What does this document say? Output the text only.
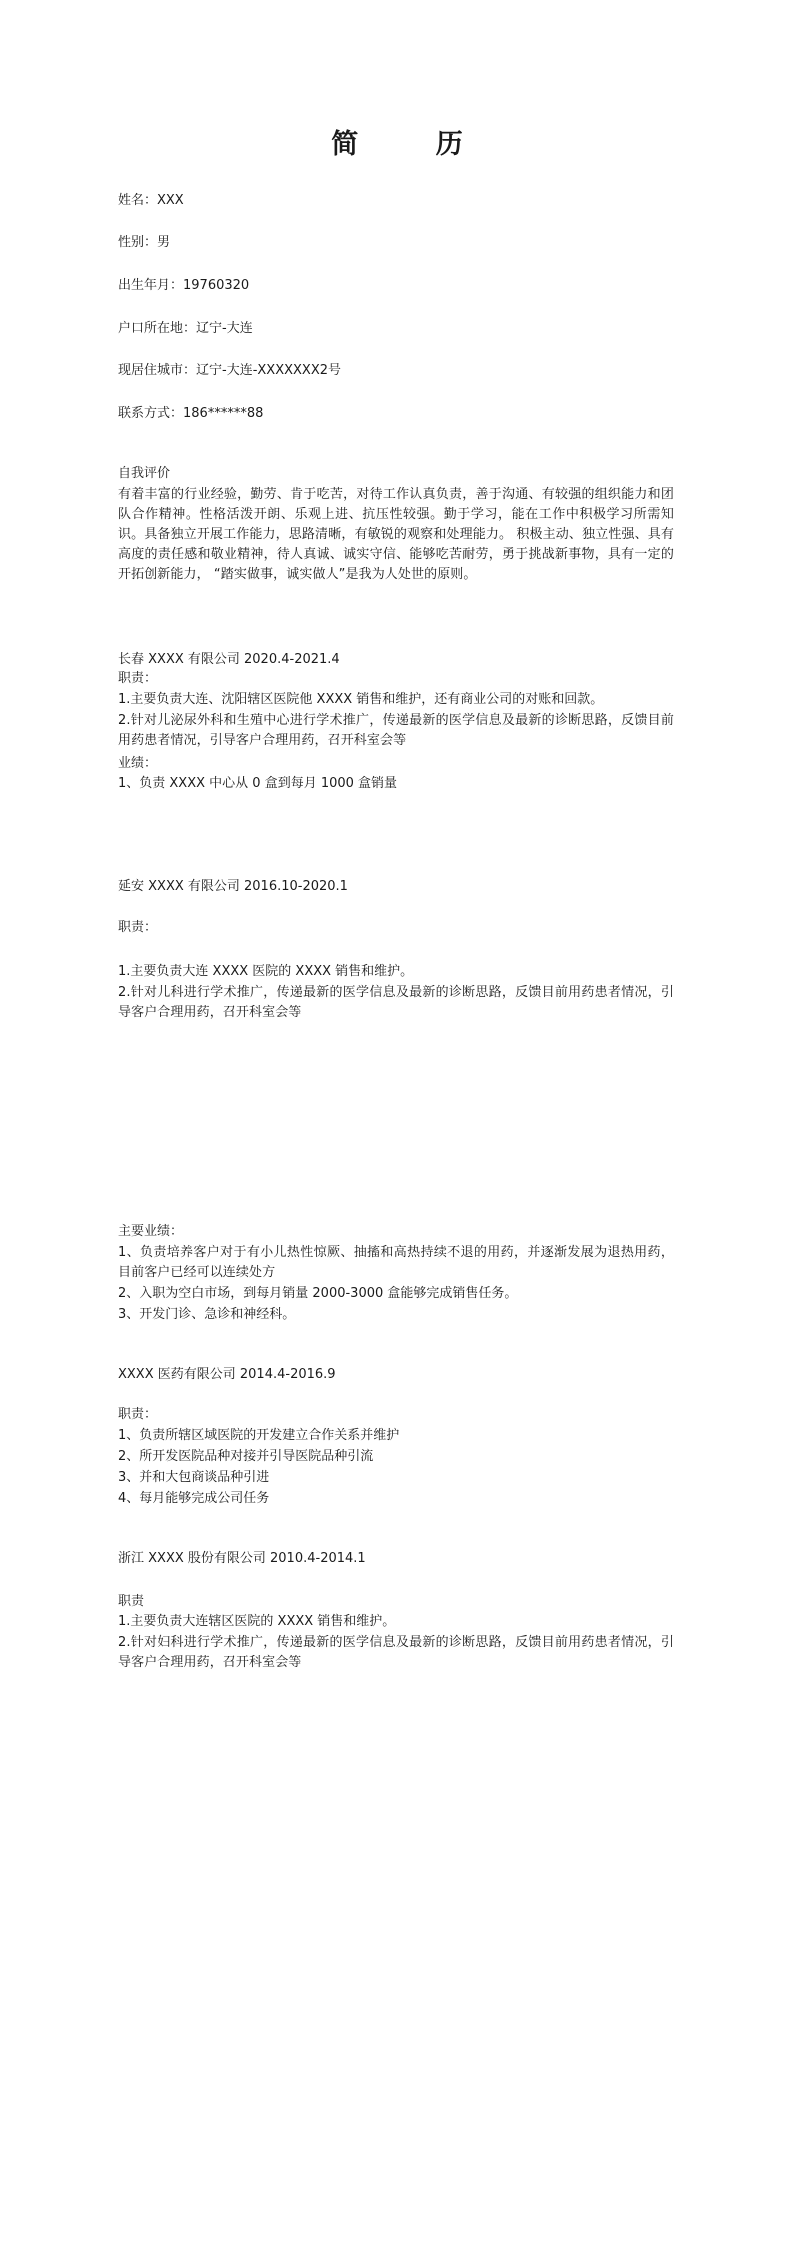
简 历

姓名：XXX

性别：男

出生年月：19760320

户口所在地：辽宁-大连

现居住城市：辽宁-大连-XXXXXXX2号

联系方式：186******88

自我评价

有着丰富的行业经验，勤劳、肯于吃苦，对待工作认真负责，善于沟通、有较强的组织能力和团队合作精神。性格活泼开朗、乐观上进、抗压性较强。勤于学习，能在工作中积极学习所需知识。具备独立开展工作能力，思路清晰，有敏锐的观察和处理能力。 积极主动、独立性强、具有高度的责任感和敬业精神，待人真诚、诚实守信、能够吃苦耐劳，勇于挑战新事物，具有一定的开拓创新能力， “踏实做事，诚实做人”是我为人处世的原则。

长春 XXXX 有限公司 2020.4-2021.4

职责：

1.主要负责大连、沈阳辖区医院他 XXXX 销售和维护，还有商业公司的对账和回款。

2.针对儿泌尿外科和生殖中心进行学术推广，传递最新的医学信息及最新的诊断思路，反馈目前用药患者情况，引导客户合理用药，召开科室会等

业绩：

1、负责 XXXX 中心从 0 盒到每月 1000 盒销量

延安 XXXX 有限公司 2016.10-2020.1

职责：

1.主要负责大连 XXXX 医院的 XXXX 销售和维护。

2.针对儿科进行学术推广，传递最新的医学信息及最新的诊断思路，反馈目前用药患者情况，引导客户合理用药，召开科室会等

主要业绩：

1、负责培养客户对于有小儿热性惊厥、抽搐和高热持续不退的用药，并逐渐发展为退热用药，目前客户已经可以连续处方

2、入职为空白市场，到每月销量 2000-3000 盒能够完成销售任务。

3、开发门诊、急诊和神经科。

XXXX 医药有限公司 2014.4-2016.9

职责：

1、负责所辖区域医院的开发建立合作关系并维护

2、所开发医院品种对接并引导医院品种引流

3、并和大包商谈品种引进

4、每月能够完成公司任务

浙江 XXXX 股份有限公司 2010.4-2014.1

职责

1.主要负责大连辖区医院的 XXXX 销售和维护。

2.针对妇科进行学术推广，传递最新的医学信息及最新的诊断思路，反馈目前用药患者情况，引导客户合理用药，召开科室会等
